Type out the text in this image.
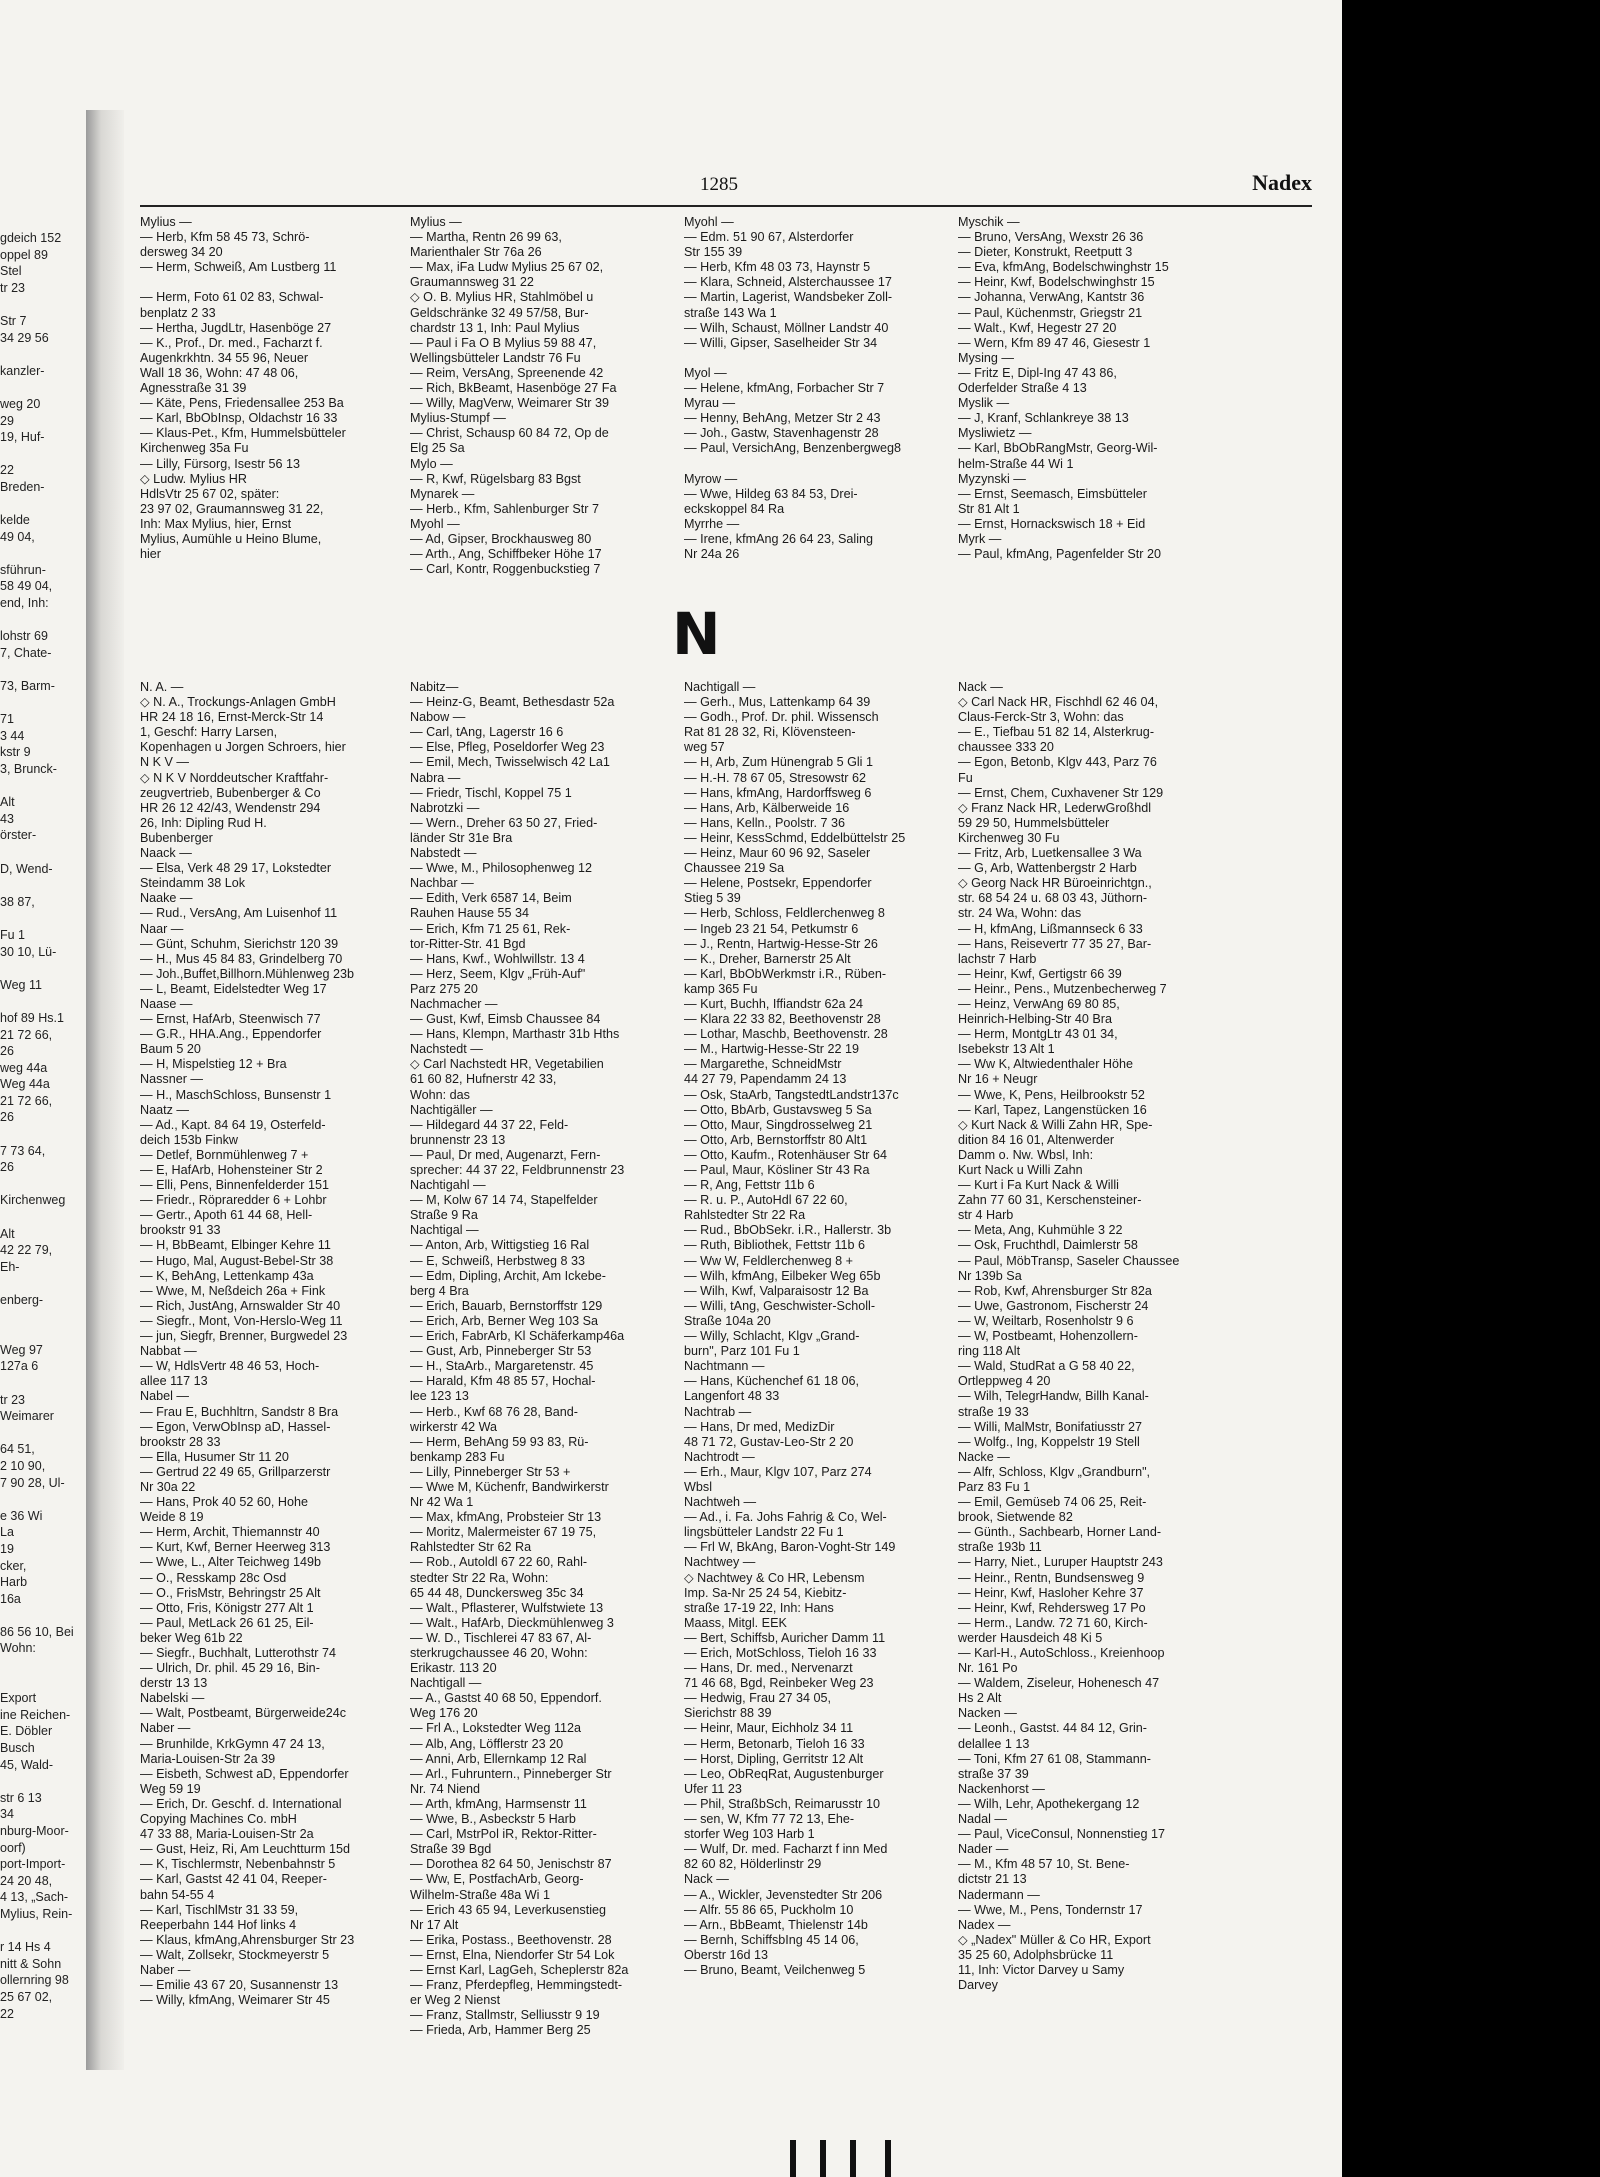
gdeich 152
oppel 89
Stel
tr 23

Str 7
34 29 56

kanzler-

weg 20
29
19, Huf-

22
Breden-

kelde
49 04,

sführun-
58 49 04,
end, Inh:

lohstr 69
7, Chate-

73, Barm-

71
3 44
kstr 9
3, Brunck-

Alt
43
örster-

D, Wend-

38 87,

Fu 1
30 10, Lü-

Weg 11

hof 89 Hs.1
21 72 66,
26
weg 44a
Weg 44a
21 72 66,
26

7 73 64,
26

Kirchenweg

Alt
42 22 79,
Eh-

enberg-

Weg 97
127a 6

tr 23
Weimarer

64 51,
2 10 90,
7 90 28, Ul-

e 36 Wi
La
19
cker,
Harb
16a

86 56 10, Bei
Wohn:

Export
ine Reichen-
E. Döbler
Busch
45, Wald-

str 6 13
34
nburg-Moor-
oorf)
port-Import-
24 20 48,
4 13, „Sach-
Mylius, Rein-

r 14 Hs 4
nitt & Sohn
ollernring 98
25 67 02,
22
1285	Nadex
Mylius —
— Herb, Kfm 58 45 73, Schrö-
dersweg 34 20
— Herm, Schweiß, Am Lustberg 11

— Herm, Foto 61 02 83, Schwal-
benplatz 2 33
— Hertha, JugdLtr, Hasenböge 27
— K., Prof., Dr. med., Facharzt f.
Augenkrkhtn. 34 55 96, Neuer
Wall 18 36, Wohn: 47 48 06,
Agnesstraße 31 39
— Käte, Pens, Friedensallee 253 Ba
— Karl, BbObInsp, Oldachstr 16 33
— Klaus-Pet., Kfm, Hummelsbütteler
Kirchenweg 35a Fu
— Lilly, Fürsorg, Isestr 56 13
◇ Ludw. Mylius HR
HdlsVtr 25 67 02, später:
23 97 02, Graumannsweg 31 22,
Inh: Max Mylius, hier, Ernst
Mylius, Aumühle u Heino Blume,
hier
Mylius —
— Martha, Rentn 26 99 63,
Marienthaler Str 76a 26
— Max, iFa Ludw Mylius 25 67 02,
Graumannsweg 31 22
◇ O. B. Mylius HR, Stahlmöbel u
Geldschränke 32 49 57/58, Bur-
chardstr 13 1, Inh: Paul Mylius
— Paul i Fa O B Mylius 59 88 47,
Wellingsbütteler Landstr 76 Fu
— Reim, VersAng, Spreenende 42
— Rich, BkBeamt, Hasenböge 27 Fa
— Willy, MagVerw, Weimarer Str 39
Mylius-Stumpf —
— Christ, Schausp 60 84 72, Op de
Elg 25 Sa
Mylo —
— R, Kwf, Rügelsbarg 83 Bgst
Mynarek —
— Herb., Kfm, Sahlenburger Str 7
Myohl —
— Ad, Gipser, Brockhausweg 80
— Arth., Ang, Schiffbeker Höhe 17
— Carl, Kontr, Roggenbuckstieg 7
Myohl —
— Edm. 51 90 67, Alsterdorfer
Str 155 39
— Herb, Kfm 48 03 73, Haynstr 5
— Klara, Schneid, Alsterchaussee 17
— Martin, Lagerist, Wandsbeker Zoll-
straße 143 Wa 1
— Wilh, Schaust, Möllner Landstr 40
— Willi, Gipser, Saselheider Str 34

Myol —
— Helene, kfmAng, Forbacher Str 7
Myrau —
— Henny, BehAng, Metzer Str 2 43
— Joh., Gastw, Stavenhagenstr 28
— Paul, VersichAng, Benzenbergweg8

Myrow —
— Wwe, Hildeg 63 84 53, Drei-
eckskoppel 84 Ra
Myrrhe —
— Irene, kfmAng 26 64 23, Saling
Nr 24a 26
Myschik —
— Bruno, VersAng, Wexstr 26 36
— Dieter, Konstrukt, Reetputt 3
— Eva, kfmAng, Bodelschwinghstr 15
— Heinr, Kwf, Bodelschwinghstr 15
— Johanna, VerwAng, Kantstr 36
— Paul, Küchenmstr, Griegstr 21
— Walt., Kwf, Hegestr 27 20
— Wern, Kfm 89 47 46, Giesestr 1
Mysing —
— Fritz E, Dipl-Ing 47 43 86,
Oderfelder Straße 4 13
Myslik —
— J, Kranf, Schlankreye 38 13
Mysliwietz —
— Karl, BbObRangMstr, Georg-Wil-
helm-Straße 44 Wi 1
Myzynski —
— Ernst, Seemasch, Eimsbütteler
Str 81 Alt 1
— Ernst, Hornackswisch 18 + Eid
Myrk —
— Paul, kfmAng, Pagenfelder Str 20
N
N. A. —
◇ N. A., Trockungs-Anlagen GmbH
HR 24 18 16, Ernst-Merck-Str 14
1, Geschf: Harry Larsen,
Kopenhagen u Jorgen Schroers, hier
N K V —
◇ N K V Norddeutscher Kraftfahr-
zeugvertrieb, Bubenberger & Co
HR 26 12 42/43, Wendenstr 294
26, Inh: Dipling Rud H.
Bubenberger
Naack —
— Elsa, Verk 48 29 17, Lokstedter
Steindamm 38 Lok
Naake —
— Rud., VersAng, Am Luisenhof 11
Naar —
— Günt, Schuhm, Sierichstr 120 39
— H., Mus 45 84 83, Grindelberg 70
— Joh.,Buffet,Billhorn.Mühlenweg 23b
— L, Beamt, Eidelstedter Weg 17
Naase —
— Ernst, HafArb, Steenwisch 77
— G.R., HHA.Ang., Eppendorfer
Baum 5 20
— H, Mispelstieg 12 + Bra
Nassner —
— H., MaschSchloss, Bunsenstr 1
Naatz —
— Ad., Kapt. 84 64 19, Osterfeld-
deich 153b Finkw
— Detlef, Bornmühlenweg 7 +
— E, HafArb, Hohensteiner Str 2
— Elli, Pens, Binnenfelderder 151
— Friedr., Röpraredder 6 + Lohbr
— Gertr., Apoth 61 44 68, Hell-
brookstr 91 33
— H, BbBeamt, Elbinger Kehre 11
— Hugo, Mal, August-Bebel-Str 38
— K, BehAng, Lettenkamp 43a
— Wwe, M, Neßdeich 26a + Fink
— Rich, JustAng, Arnswalder Str 40
— Siegfr., Mont, Von-Herslo-Weg 11
— jun, Siegfr, Brenner, Burgwedel 23
Nabbat —
— W, HdlsVertr 48 46 53, Hoch-
allee 117 13
Nabel —
— Frau E, Buchhltrn, Sandstr 8 Bra
— Egon, VerwObInsp aD, Hassel-
brookstr 28 33
— Ella, Husumer Str 11 20
— Gertrud 22 49 65, Grillparzerstr
Nr 30a 22
— Hans, Prok 40 52 60, Hohe
Weide 8 19
— Herm, Archit, Thiemannstr 40
— Kurt, Kwf, Berner Heerweg 313
— Wwe, L., Alter Teichweg 149b
— O., Resskamp 28c Osd
— O., FrisMstr, Behringstr 25 Alt
— Otto, Fris, Königstr 277 Alt 1
— Paul, MetLack 26 61 25, Eil-
beker Weg 61b 22
— Siegfr., Buchhalt, Lutterothstr 74
— Ulrich, Dr. phil. 45 29 16, Bin-
derstr 13 13
Nabelski —
— Walt, Postbeamt, Bürgerweide24c
Naber —
— Brunhilde, KrkGymn 47 24 13,
Maria-Louisen-Str 2a 39
— Eisbeth, Schwest aD, Eppendorfer
Weg 59 19
— Erich, Dr. Geschf. d. International
Copying Machines Co. mbH
47 33 88, Maria-Louisen-Str 2a
— Gust, Heiz, Ri, Am Leuchtturm 15d
— K, Tischlermstr, Nebenbahnstr 5
— Karl, Gastst 42 41 04, Reeper-
bahn 54-55 4
— Karl, TischlMstr 31 33 59,
Reeperbahn 144 Hof links 4
— Klaus, kfmAng,Ahrensburger Str 23
— Walt, Zollsekr, Stockmeyerstr 5
Naber —
— Emilie 43 67 20, Susannenstr 13
— Willy, kfmAng, Weimarer Str 45
Nabitz—
— Heinz-G, Beamt, Bethesdastr 52a
Nabow —
— Carl, tAng, Lagerstr 16 6
— Else, Pfleg, Poseldorfer Weg 23
— Emil, Mech, Twisselwisch 42 La1
Nabra —
— Friedr, Tischl, Koppel 75 1
Nabrotzki —
— Wern., Dreher 63 50 27, Fried-
länder Str 31e Bra
Nabstedt —
— Wwe, M., Philosophenweg 12
Nachbar —
— Edith, Verk 6587 14, Beim
Rauhen Hause 55 34
— Erich, Kfm 71 25 61, Rek-
tor-Ritter-Str. 41 Bgd
— Hans, Kwf., Wohlwillstr. 13 4
— Herz, Seem, Klgv „Früh-Auf"
Parz 275 20
Nachmacher —
— Gust, Kwf, Eimsb Chaussee 84
— Hans, Klempn, Marthastr 31b Hths
Nachstedt —
◇ Carl Nachstedt HR, Vegetabilien
61 60 82, Hufnerstr 42 33,
Wohn: das
Nachtigäller —
— Hildegard 44 37 22, Feld-
brunnenstr 23 13
— Paul, Dr med, Augenarzt, Fern-
sprecher: 44 37 22, Feldbrunnenstr 23
Nachtigahl —
— M, Kolw 67 14 74, Stapelfelder
Straße 9 Ra
Nachtigal —
— Anton, Arb, Wittigstieg 16 Ral
— E, Schweiß, Herbstweg 8 33
— Edm, Dipling, Archit, Am Ickebe-
berg 4 Bra
— Erich, Bauarb, Bernstorffstr 129
— Erich, Arb, Berner Weg 103 Sa
— Erich, FabrArb, Kl Schäferkamp46a
— Gust, Arb, Pinneberger Str 53
— H., StaArb., Margaretenstr. 45
— Harald, Kfm 48 85 57, Hochal-
lee 123 13
— Herb., Kwf 68 76 28, Band-
wirkerstr 42 Wa
— Herm, BehAng 59 93 83, Rü-
benkamp 283 Fu
— Lilly, Pinneberger Str 53 +
— Wwe M, Küchenfr, Bandwirkerstr
Nr 42 Wa 1
— Max, kfmAng, Probsteier Str 13
— Moritz, Malermeister 67 19 75,
Rahlstedter Str 62 Ra
— Rob., Autoldl 67 22 60, Rahl-
stedter Str 22 Ra, Wohn:
65 44 48, Dunckersweg 35c 34
— Walt., Pflasterer, Wulfstwiete 13
— Walt., HafArb, Dieckmühlenweg 3
— W. D., Tischlerei 47 83 67, Al-
sterkrugchaussee 46 20, Wohn:
Erikastr. 113 20
Nachtigall —
— A., Gastst 40 68 50, Eppendorf.
Weg 176 20
— Frl A., Lokstedter Weg 112a
— Alb, Ang, Löfflerstr 23 20
— Anni, Arb, Ellernkamp 12 Ral
— Arl., Fuhruntern., Pinneberger Str
Nr. 74 Niend
— Arth, kfmAng, Harmsenstr 11
— Wwe, B., Asbeckstr 5 Harb
— Carl, MstrPol iR, Rektor-Ritter-
Straße 39 Bgd
— Dorothea 82 64 50, Jenischstr 87
— Ww, E, PostfachArb, Georg-
Wilhelm-Straße 48a Wi 1
— Erich 43 65 94, Leverkusenstieg
Nr 17 Alt
— Erika, Postass., Beethovenstr. 28
— Ernst, Elna, Niendorfer Str 54 Lok
— Ernst Karl, LagGeh, Scheplerstr 82a
— Franz, Pferdepfleg, Hemmingstedt-
er Weg 2 Nienst
— Franz, Stallmstr, Selliusstr 9 19
— Frieda, Arb, Hammer Berg 25
Nachtigall —
— Gerh., Mus, Lattenkamp 64 39
— Godh., Prof. Dr. phil. Wissensch
Rat 81 28 32, Ri, Klövensteen-
weg 57
— H, Arb, Zum Hünengrab 5 Gli 1
— H.-H. 78 67 05, Stresowstr 62
— Hans, kfmAng, Hardorffsweg 6
— Hans, Arb, Kälberweide 16
— Hans, Kelln., Poolstr. 7 36
— Heinr, KessSchmd, Eddelbüttelstr 25
— Heinz, Maur 60 96 92, Saseler
Chaussee 219 Sa
— Helene, Postsekr, Eppendorfer
Stieg 5 39
— Herb, Schloss, Feldlerchenweg 8
— Ingeb 23 21 54, Petkumstr 6
— J., Rentn, Hartwig-Hesse-Str 26
— K., Dreher, Barnerstr 25 Alt
— Karl, BbObWerkmstr i.R., Rüben-
kamp 365 Fu
— Kurt, Buchh, Iffiandstr 62a 24
— Klara 22 33 82, Beethovenstr 28
— Lothar, Maschb, Beethovenstr. 28
— M., Hartwig-Hesse-Str 22 19
— Margarethe, SchneidMstr
44 27 79, Papendamm 24 13
— Osk, StaArb, TangstedtLandstr137c
— Otto, BbArb, Gustavsweg 5 Sa
— Otto, Maur, Singdrosselweg 21
— Otto, Arb, Bernstorffstr 80 Alt1
— Otto, Kaufm., Rotenhäuser Str 64
— Paul, Maur, Kösliner Str 43 Ra
— R, Ang, Fettstr 11b 6
— R. u. P., AutoHdl 67 22 60,
Rahlstedter Str 22 Ra
— Rud., BbObSekr. i.R., Hallerstr. 3b
— Ruth, Bibliothek, Fettstr 11b 6
— Ww W, Feldlerchenweg 8 +
— Wilh, kfmAng, Eilbeker Weg 65b
— Wilh, Kwf, Valparaisostr 12 Ba
— Willi, tAng, Geschwister-Scholl-
Straße 104a 20
— Willy, Schlacht, Klgv „Grand-
burn", Parz 101 Fu 1
Nachtmann —
— Hans, Küchenchef 61 18 06,
Langenfort 48 33
Nachtrab —
— Hans, Dr med, MedizDir
48 71 72, Gustav-Leo-Str 2 20
Nachtrodt —
— Erh., Maur, Klgv 107, Parz 274
Wbsl
Nachtweh —
— Ad., i. Fa. Johs Fahrig & Co, Wel-
lingsbütteler Landstr 22 Fu 1
— Frl W, BkAng, Baron-Voght-Str 149
Nachtwey —
◇ Nachtwey & Co HR, Lebensm
Imp. Sa-Nr 25 24 54, Kiebitz-
straße 17-19 22, Inh: Hans
Maass, Mitgl. EEK
— Bert, Schiffsb, Auricher Damm 11
— Erich, MotSchloss, Tieloh 16 33
— Hans, Dr. med., Nervenarzt
71 46 68, Bgd, Reinbeker Weg 23
— Hedwig, Frau 27 34 05,
Sierichstr 88 39
— Heinr, Maur, Eichholz 34 11
— Herm, Betonarb, Tieloh 16 33
— Horst, Dipling, Gerritstr 12 Alt
— Leo, ObReqRat, Augustenburger
Ufer 11 23
— Phil, StraßbSch, Reimarusstr 10
— sen, W, Kfm 77 72 13, Ehe-
storfer Weg 103 Harb 1
— Wulf, Dr. med. Facharzt f inn Med
82 60 82, Hölderlinstr 29
Nack —
— A., Wickler, Jevenstedter Str 206
— Alfr. 55 86 65, Puckholm 10
— Arn., BbBeamt, Thielenstr 14b
— Bernh, SchiffsbIng 45 14 06,
Oberstr 16d 13
— Bruno, Beamt, Veilchenweg 5
Nack —
◇ Carl Nack HR, Fischhdl 62 46 04,
Claus-Ferck-Str 3, Wohn: das
— E., Tiefbau 51 82 14, Alsterkrug-
chaussee 333 20
— Egon, Betonb, Klgv 443, Parz 76
Fu
— Ernst, Chem, Cuxhavener Str 129
◇ Franz Nack HR, LederwGroßhdl
59 29 50, Hummelsbütteler
Kirchenweg 30 Fu
— Fritz, Arb, Luetkensallee 3 Wa
— G, Arb, Wattenbergstr 2 Harb
◇ Georg Nack HR Büroeinrichtgn.,
str. 68 54 24 u. 68 03 43, Jüthorn-
str. 24 Wa, Wohn: das
— H, kfmAng, Lißmannseck 6 33
— Hans, Reisevertr 77 35 27, Bar-
lachstr 7 Harb
— Heinr, Kwf, Gertigstr 66 39
— Heinr., Pens., Mutzenbecherweg 7
— Heinz, VerwAng 69 80 85,
Heinrich-Helbing-Str 40 Bra
— Herm, MontgLtr 43 01 34,
Isebekstr 13 Alt 1
— Ww K, Altwiedenthaler Höhe
Nr 16 + Neugr
— Wwe, K, Pens, Heilbrookstr 52
— Karl, Tapez, Langenstücken 16
◇ Kurt Nack & Willi Zahn HR, Spe-
dition 84 16 01, Altenwerder
Damm o. Nw. Wbsl, Inh:
Kurt Nack u Willi Zahn
— Kurt i Fa Kurt Nack & Willi
Zahn 77 60 31, Kerschensteiner-
str 4 Harb
— Meta, Ang, Kuhmühle 3 22
— Osk, Fruchthdl, Daimlerstr 58
— Paul, MöbTransp, Saseler Chaussee
Nr 139b Sa
— Rob, Kwf, Ahrensburger Str 82a
— Uwe, Gastronom, Fischerstr 24
— W, Weiltarb, Rosenholstr 9 6
— W, Postbeamt, Hohenzollern-
ring 118 Alt
— Wald, StudRat a G 58 40 22,
Ortleppweg 4 20
— Wilh, TelegrHandw, Billh Kanal-
straße 19 33
— Willi, MalMstr, Bonifatiusstr 27
— Wolfg., Ing, Koppelstr 19 Stell
Nacke —
— Alfr, Schloss, Klgv „Grandburn",
Parz 83 Fu 1
— Emil, Gemüseb 74 06 25, Reit-
brook, Sietwende 82
— Günth., Sachbearb, Horner Land-
straße 193b 11
— Harry, Niet., Luruper Hauptstr 243
— Heinr., Rentn, Bundsensweg 9
— Heinr, Kwf, Hasloher Kehre 37
— Heinr, Kwf, Rehdersweg 17 Po
— Herm., Landw. 72 71 60, Kirch-
werder Hausdeich 48 Ki 5
— Karl-H., AutoSchloss., Kreienhoop
Nr. 161 Po
— Waldem, Ziseleur, Hohenesch 47
Hs 2 Alt
Nacken —
— Leonh., Gastst. 44 84 12, Grin-
delallee 1 13
— Toni, Kfm 27 61 08, Stammann-
straße 37 39
Nackenhorst —
— Wilh, Lehr, Apothekergang 12
Nadal —
— Paul, ViceConsul, Nonnenstieg 17
Nader —
— M., Kfm 48 57 10, St. Bene-
dictstr 21 13
Nadermann —
— Wwe, M., Pens, Tondernstr 17
Nadex —
◇ „Nadex" Müller & Co HR, Export
35 25 60, Adolphsbrücke 11
11, Inh: Victor Darvey u Samy
Darvey
